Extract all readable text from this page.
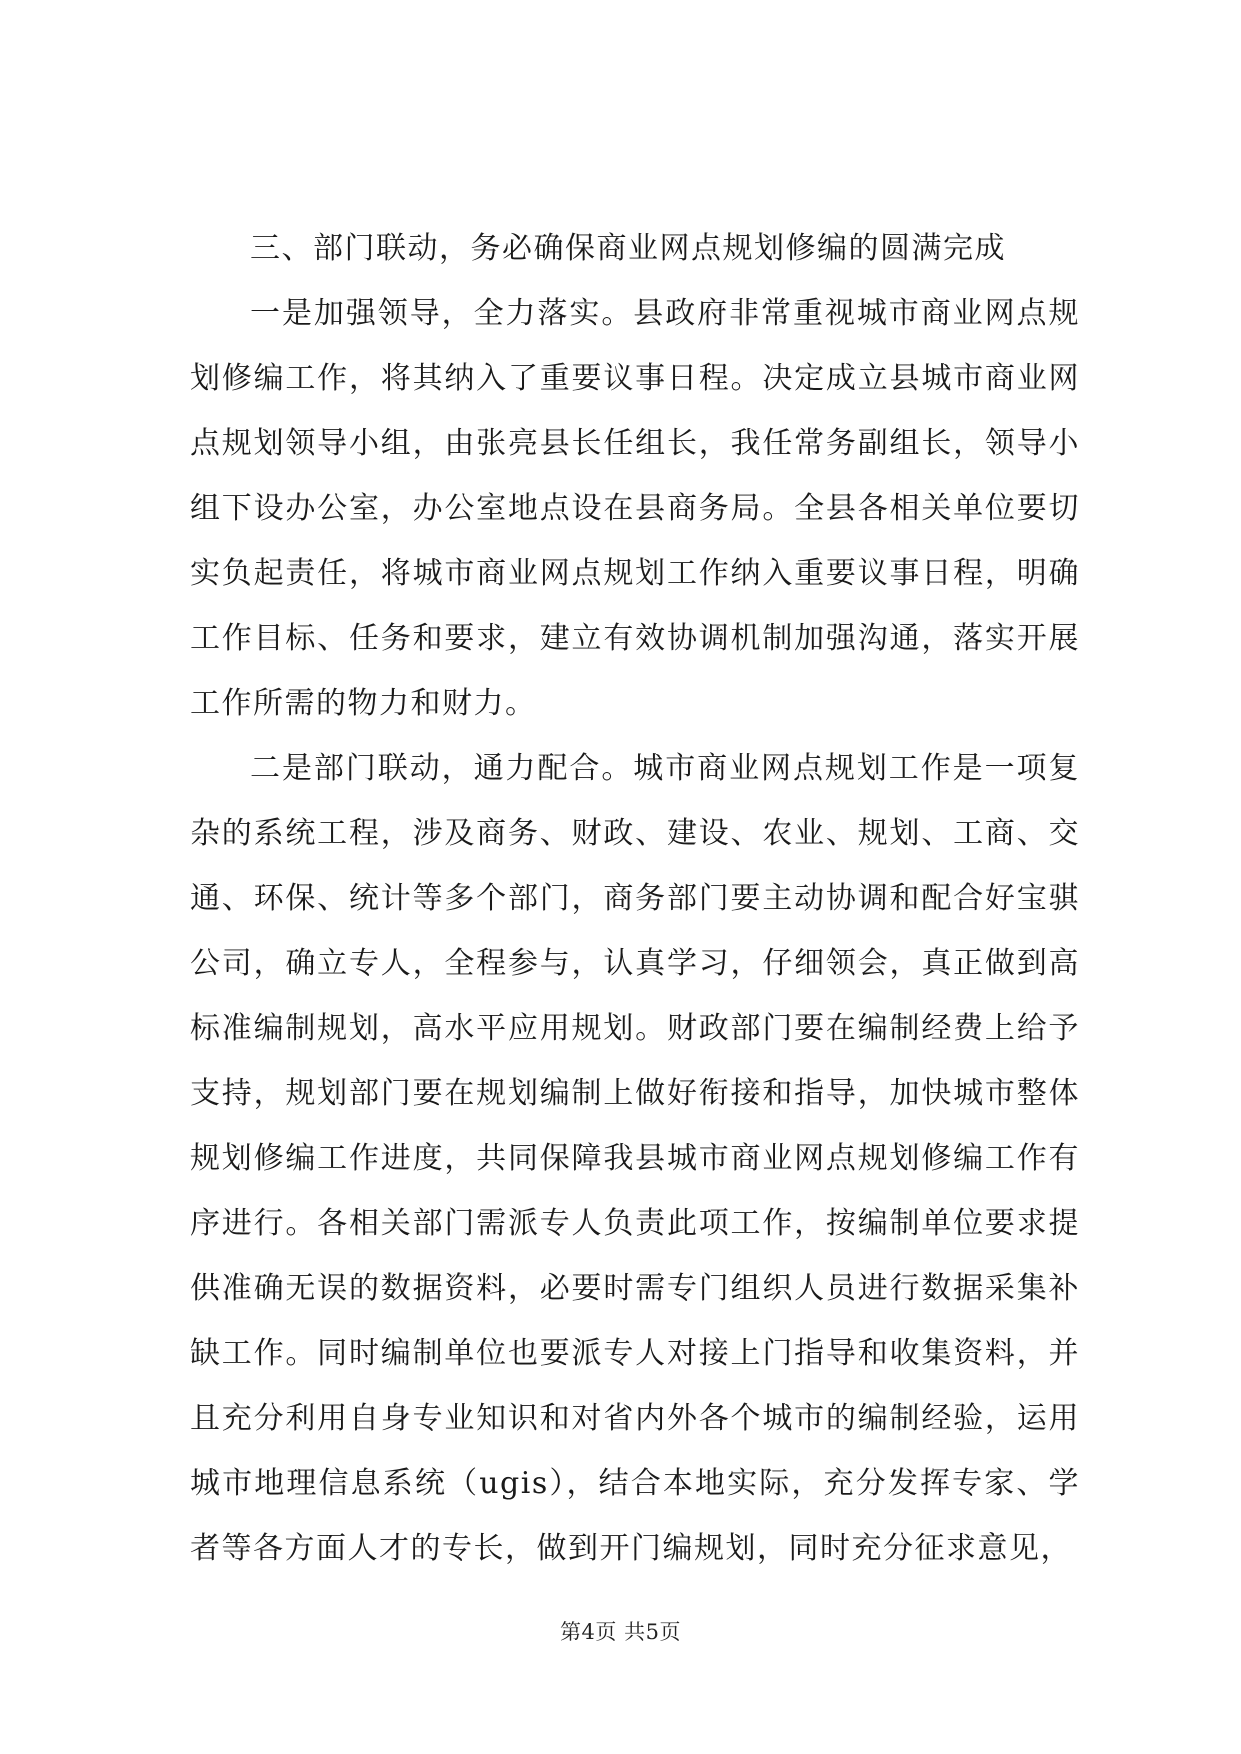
三、部门联动，务必确保商业网点规划修编的圆满完成

一是加强领导，全力落实。县政府非常重视城市商业网点规划修编工作，将其纳入了重要议事日程。决定成立县城市商业网点规划领导小组，由张亮县长任组长，我任常务副组长，领导小组下设办公室，办公室地点设在县商务局。全县各相关单位要切实负起责任，将城市商业网点规划工作纳入重要议事日程，明确工作目标、任务和要求，建立有效协调机制加强沟通，落实开展工作所需的物力和财力。

二是部门联动，通力配合。城市商业网点规划工作是一项复杂的系统工程，涉及商务、财政、建设、农业、规划、工商、交通、环保、统计等多个部门，商务部门要主动协调和配合好宝骐公司，确立专人，全程参与，认真学习，仔细领会，真正做到高标准编制规划，高水平应用规划。财政部门要在编制经费上给予支持，规划部门要在规划编制上做好衔接和指导，加快城市整体规划修编工作进度，共同保障我县城市商业网点规划修编工作有序进行。各相关部门需派专人负责此项工作，按编制单位要求提供准确无误的数据资料，必要时需专门组织人员进行数据采集补缺工作。同时编制单位也要派专人对接上门指导和收集资料，并且充分利用自身专业知识和对省内外各个城市的编制经验，运用城市地理信息系统（ugis），结合本地实际，充分发挥专家、学者等各方面人才的专长，做到开门编规划，同时充分征求意见，

第4页 共5页
